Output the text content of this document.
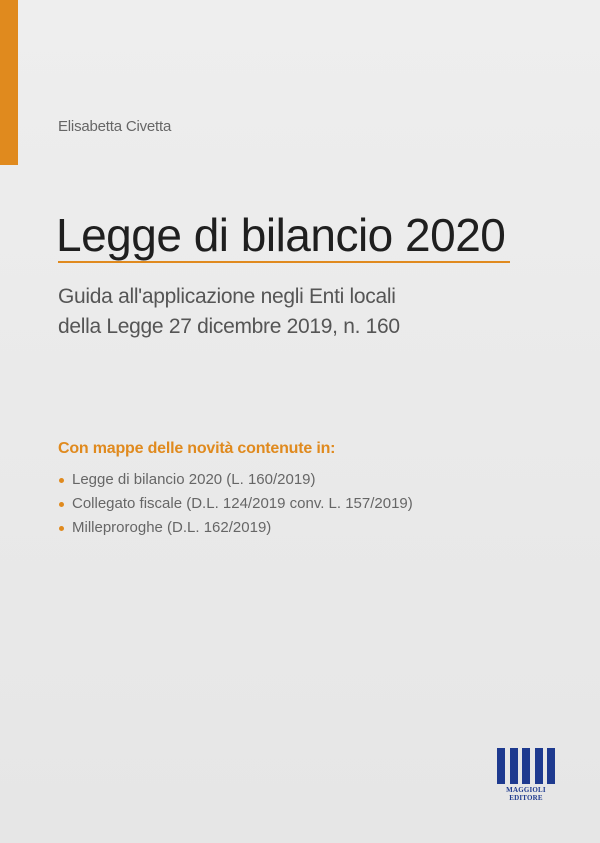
Elisabetta Civetta
Legge di bilancio 2020
Guida all'applicazione negli Enti locali
della Legge 27 dicembre 2019, n. 160
Con mappe delle novità contenute in:
Legge di bilancio 2020 (L. 160/2019)
Collegato fiscale (D.L. 124/2019 conv. L. 157/2019)
Milleproroghe (D.L. 162/2019)
MAGGIOLI
EDITORE
